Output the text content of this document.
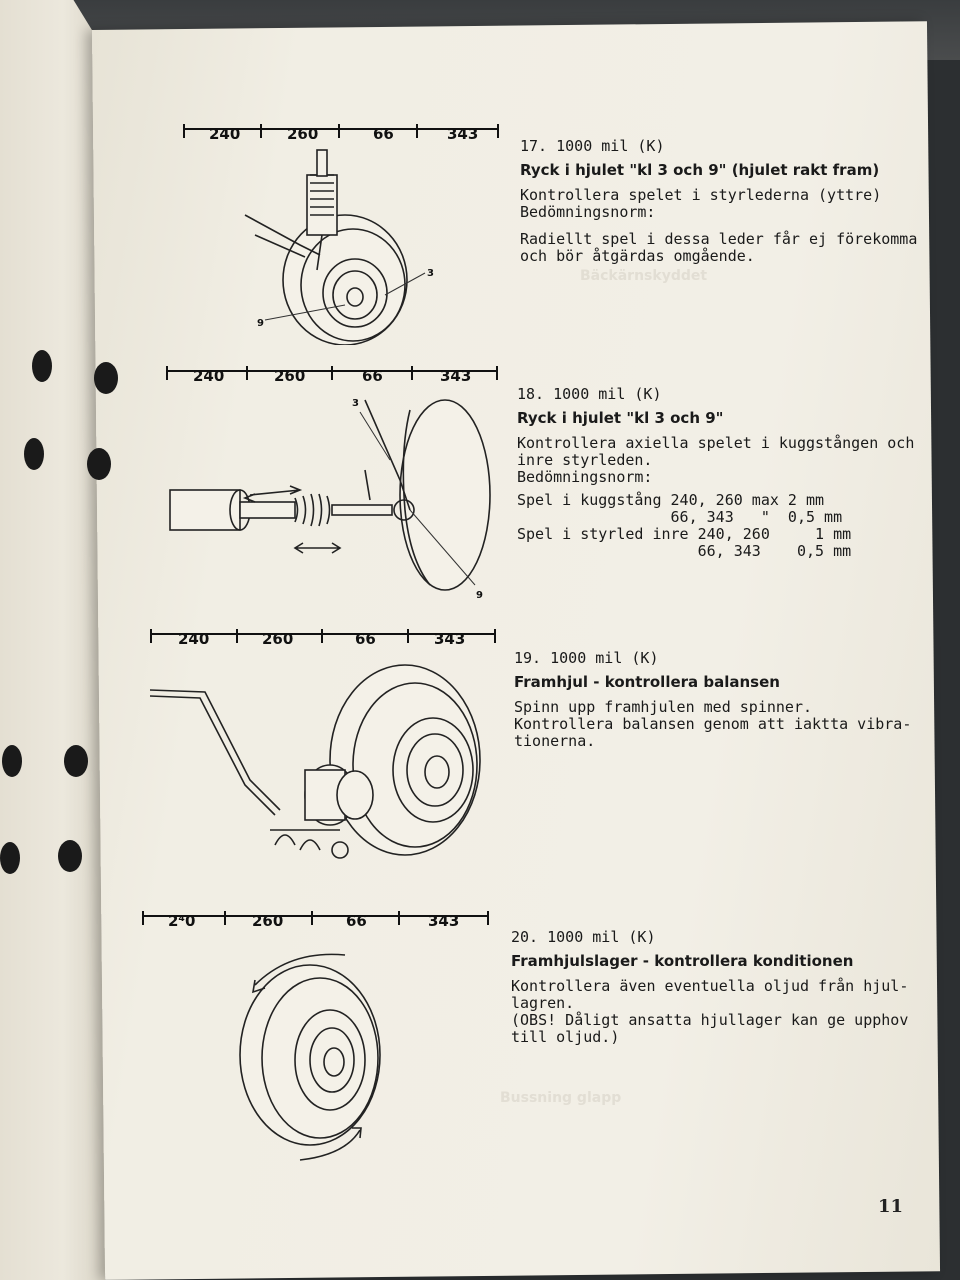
Bäckärnskyddet
Bussning glapp
240	260	66	343
240	260	66	343
240	260	66	343
2⁴0	260	66	343
3
9
3
9
17. 1000 mil (K)
Ryck i hjulet "kl 3 och 9" (hjulet rakt fram)
Kontrollera spelet i styrlederna (yttre)
Bedömningsnorm:
Radiellt spel i dessa leder får ej förekomma
och bör åtgärdas omgående.
18. 1000 mil (K)
Ryck i hjulet "kl 3 och 9"
Kontrollera axiella spelet i kuggstången och
inre styrleden.
Bedömningsnorm:
Spel i kuggstång 240, 260 max 2 mm
66, 343   "  0,5 mm
Spel i styrled inre 240, 260     1 mm
66, 343    0,5 mm
19. 1000 mil (K)
Framhjul - kontrollera balansen
Spinn upp framhjulen med spinner.
Kontrollera balansen genom att iaktta vibra-
tionerna.
20. 1000 mil (K)
Framhjulslager - kontrollera konditionen
Kontrollera även eventuella oljud från hjul-
lagren.
(OBS! Dåligt ansatta hjullager kan ge upphov
till oljud.)
11
